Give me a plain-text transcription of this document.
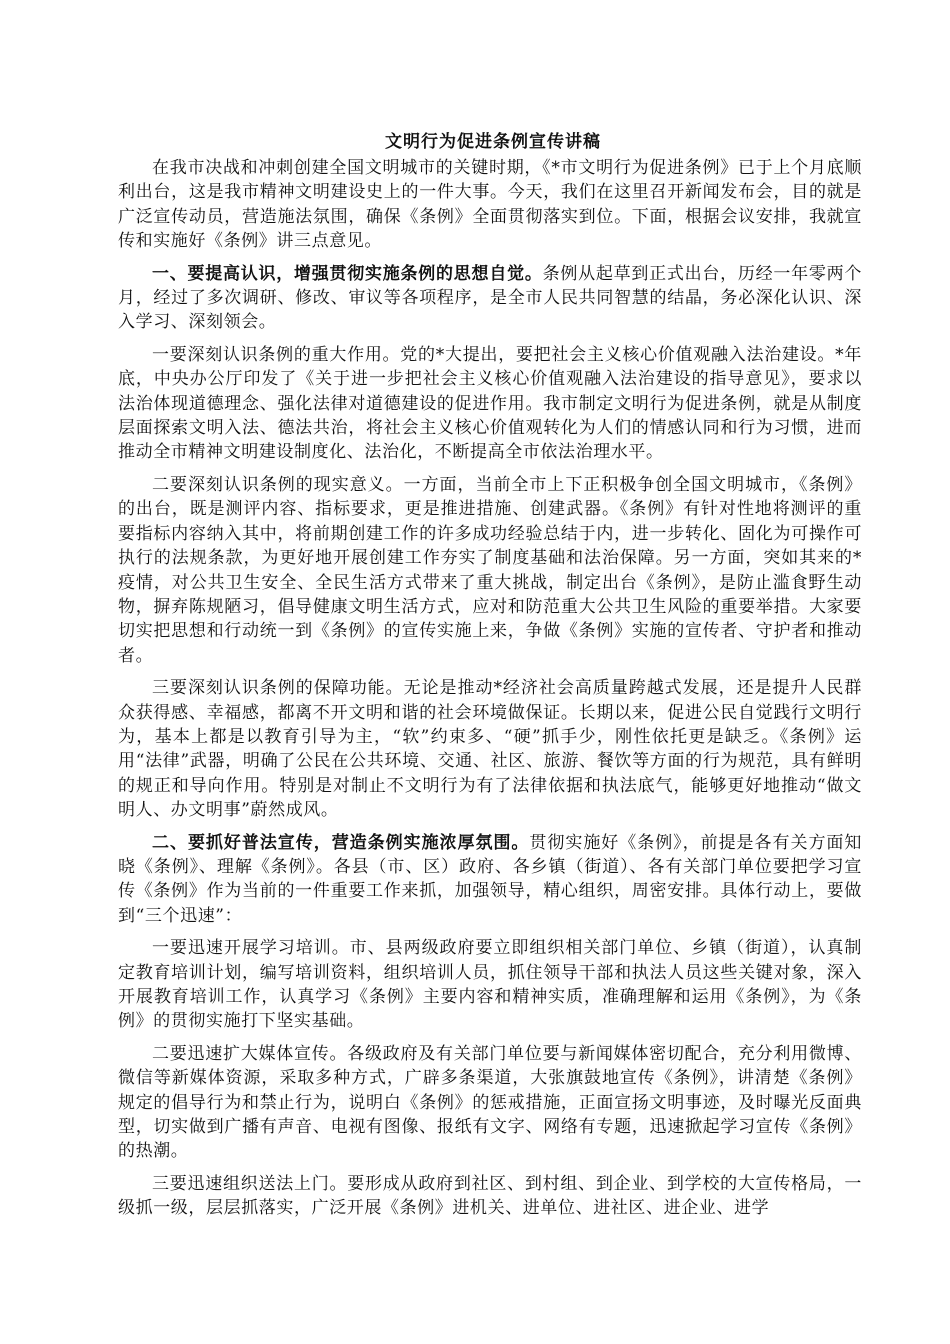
文明行为促进条例宣传讲稿

在我市决战和冲刺创建全国文明城市的关键时期，《*市文明行为促进条例》已于上个月底顺利出台，这是我市精神文明建设史上的一件大事。今天，我们在这里召开新闻发布会，目的就是广泛宣传动员，营造施法氛围，确保《条例》全面贯彻落实到位。下面，根据会议安排，我就宣传和实施好《条例》讲三点意见。

一、要提高认识，增强贯彻实施条例的思想自觉。条例从起草到正式出台，历经一年零两个月，经过了多次调研、修改、审议等各项程序，是全市人民共同智慧的结晶，务必深化认识、深入学习、深刻领会。

一要深刻认识条例的重大作用。党的*大提出，要把社会主义核心价值观融入法治建设。*年底，中央办公厅印发了《关于进一步把社会主义核心价值观融入法治建设的指导意见》，要求以法治体现道德理念、强化法律对道德建设的促进作用。我市制定文明行为促进条例，就是从制度层面探索文明入法、德法共治，将社会主义核心价值观转化为人们的情感认同和行为习惯，进而推动全市精神文明建设制度化、法治化，不断提高全市依法治理水平。

二要深刻认识条例的现实意义。一方面，当前全市上下正积极争创全国文明城市，《条例》的出台，既是测评内容、指标要求，更是推进措施、创建武器。《条例》有针对性地将测评的重要指标内容纳入其中，将前期创建工作的许多成功经验总结于内，进一步转化、固化为可操作可执行的法规条款，为更好地开展创建工作夯实了制度基础和法治保障。另一方面，突如其来的*疫情，对公共卫生安全、全民生活方式带来了重大挑战，制定出台《条例》，是防止滥食野生动物，摒弃陈规陋习，倡导健康文明生活方式，应对和防范重大公共卫生风险的重要举措。大家要切实把思想和行动统一到《条例》的宣传实施上来，争做《条例》实施的宣传者、守护者和推动者。

三要深刻认识条例的保障功能。无论是推动*经济社会高质量跨越式发展，还是提升人民群众获得感、幸福感，都离不开文明和谐的社会环境做保证。长期以来，促进公民自觉践行文明行为，基本上都是以教育引导为主，“软”约束多、“硬”抓手少，刚性依托更是缺乏。《条例》运用“法律”武器，明确了公民在公共环境、交通、社区、旅游、餐饮等方面的行为规范，具有鲜明的规正和导向作用。特别是对制止不文明行为有了法律依据和执法底气，能够更好地推动“做文明人、办文明事”蔚然成风。

二、要抓好普法宣传，营造条例实施浓厚氛围。贯彻实施好《条例》，前提是各有关方面知晓《条例》、理解《条例》。各县（市、区）政府、各乡镇（街道）、各有关部门单位要把学习宣传《条例》作为当前的一件重要工作来抓，加强领导，精心组织，周密安排。具体行动上，要做到“三个迅速”：

一要迅速开展学习培训。市、县两级政府要立即组织相关部门单位、乡镇（街道），认真制定教育培训计划，编写培训资料，组织培训人员，抓住领导干部和执法人员这些关键对象，深入开展教育培训工作，认真学习《条例》主要内容和精神实质，准确理解和运用《条例》，为《条例》的贯彻实施打下坚实基础。

二要迅速扩大媒体宣传。各级政府及有关部门单位要与新闻媒体密切配合，充分利用微博、微信等新媒体资源，采取多种方式，广辟多条渠道，大张旗鼓地宣传《条例》，讲清楚《条例》规定的倡导行为和禁止行为，说明白《条例》的惩戒措施，正面宣扬文明事迹，及时曝光反面典型，切实做到广播有声音、电视有图像、报纸有文字、网络有专题，迅速掀起学习宣传《条例》的热潮。

三要迅速组织送法上门。要形成从政府到社区、到村组、到企业、到学校的大宣传格局，一级抓一级，层层抓落实，广泛开展《条例》进机关、进单位、进社区、进企业、进学
